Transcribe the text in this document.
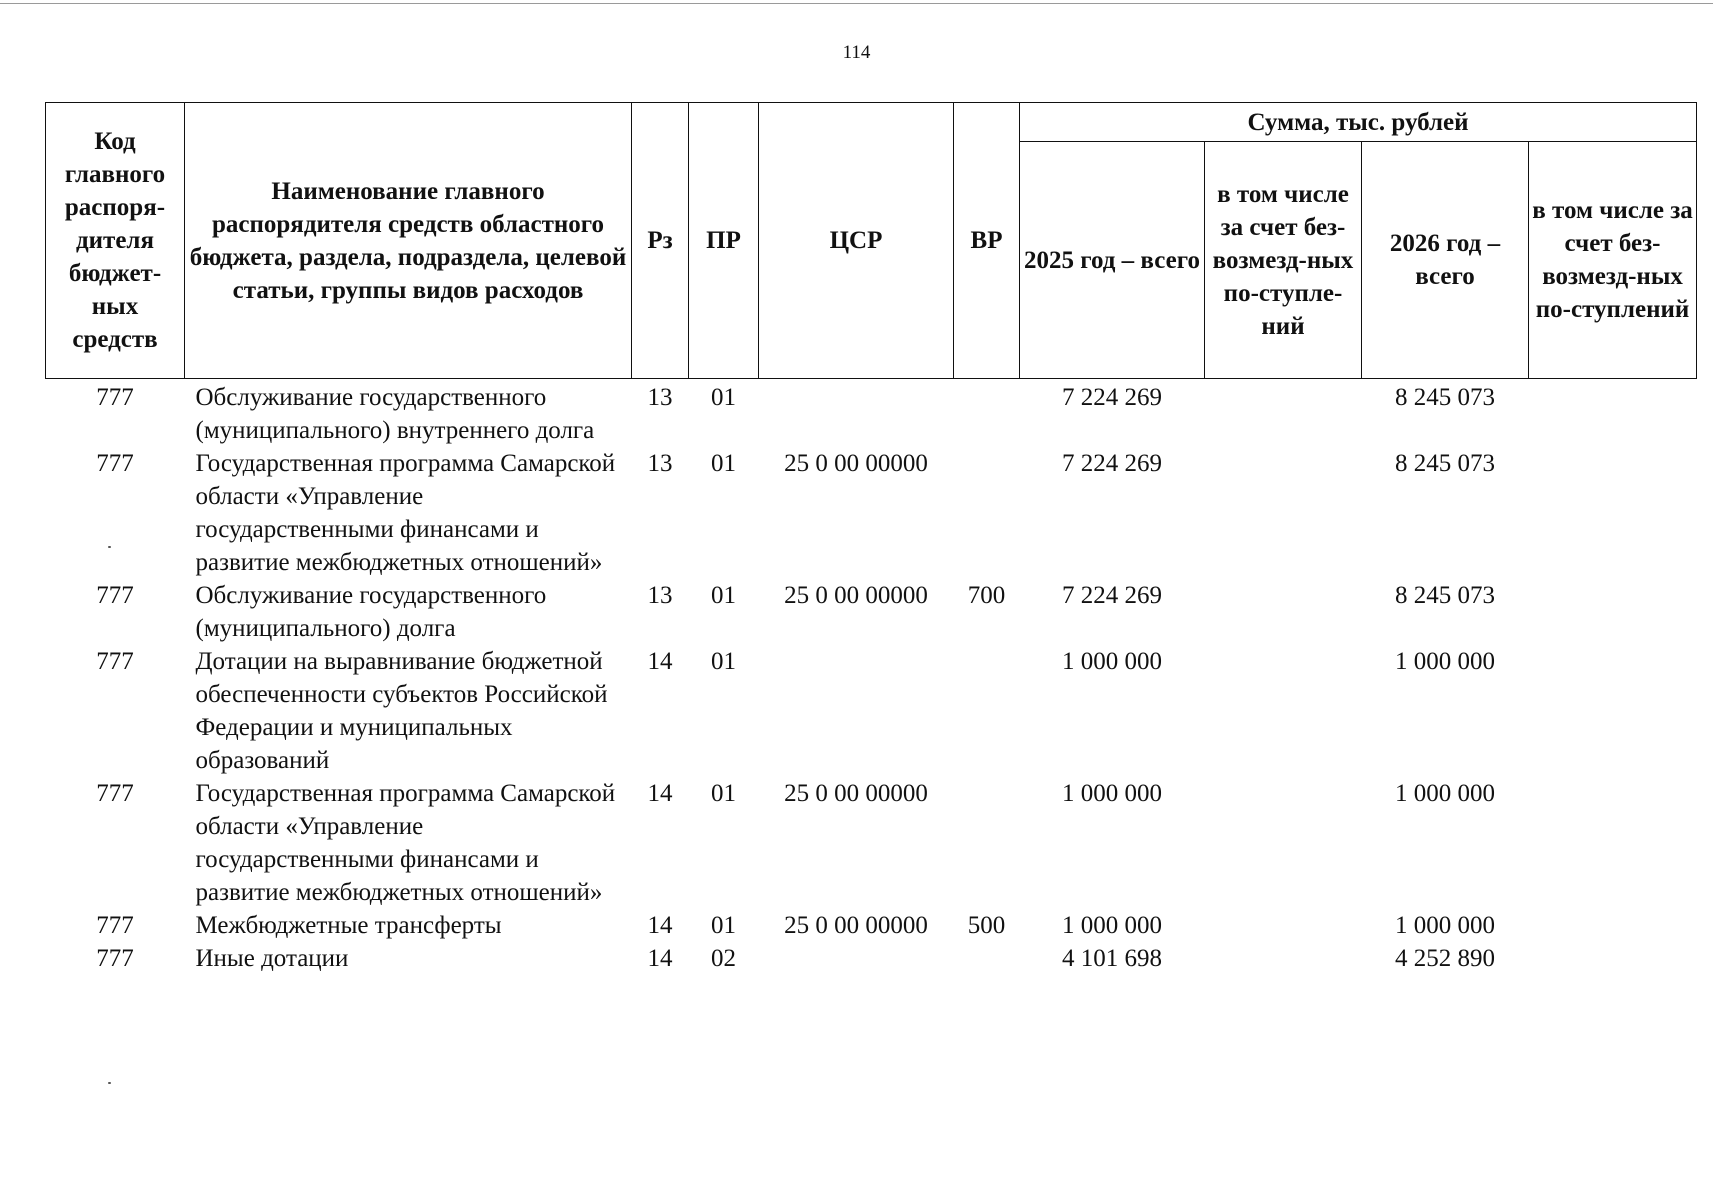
114
Код главного распоря-дителя бюджет-ных средств	Наименование главного распорядителя средств областного бюджета, раздела, подраздела, целевой статьи, группы видов расходов	Рз	ПР	ЦСР	ВР	Сумма, тыс. рублей			
						2025 год – всего	в том числе за счет без-возмезд-ных по-ступле-ний	2026 год – всего	в том числе за счет без-возмезд-ных по-ступлений
777	Обслуживание государственного (муниципального) внутреннего долга	13	01			7 224 269		8 245 073	
777	Государственная программа Самарской области «Управление государственными финансами и развитие межбюджетных отношений»	13	01	25 0 00 00000		7 224 269		8 245 073	
777	Обслуживание государственного (муниципального) долга	13	01	25 0 00 00000	700	7 224 269		8 245 073	
777	Дотации на выравнивание бюджетной обеспеченности субъектов Российской Федерации и муниципальных образований	14	01			1 000 000		1 000 000	
777	Государственная программа Самарской области «Управление государственными финансами и развитие межбюджетных отношений»	14	01	25 0 00 00000		1 000 000		1 000 000	
777	Межбюджетные трансферты	14	01	25 0 00 00000	500	1 000 000		1 000 000	
777	Иные дотации	14	02			4 101 698		4 252 890	
